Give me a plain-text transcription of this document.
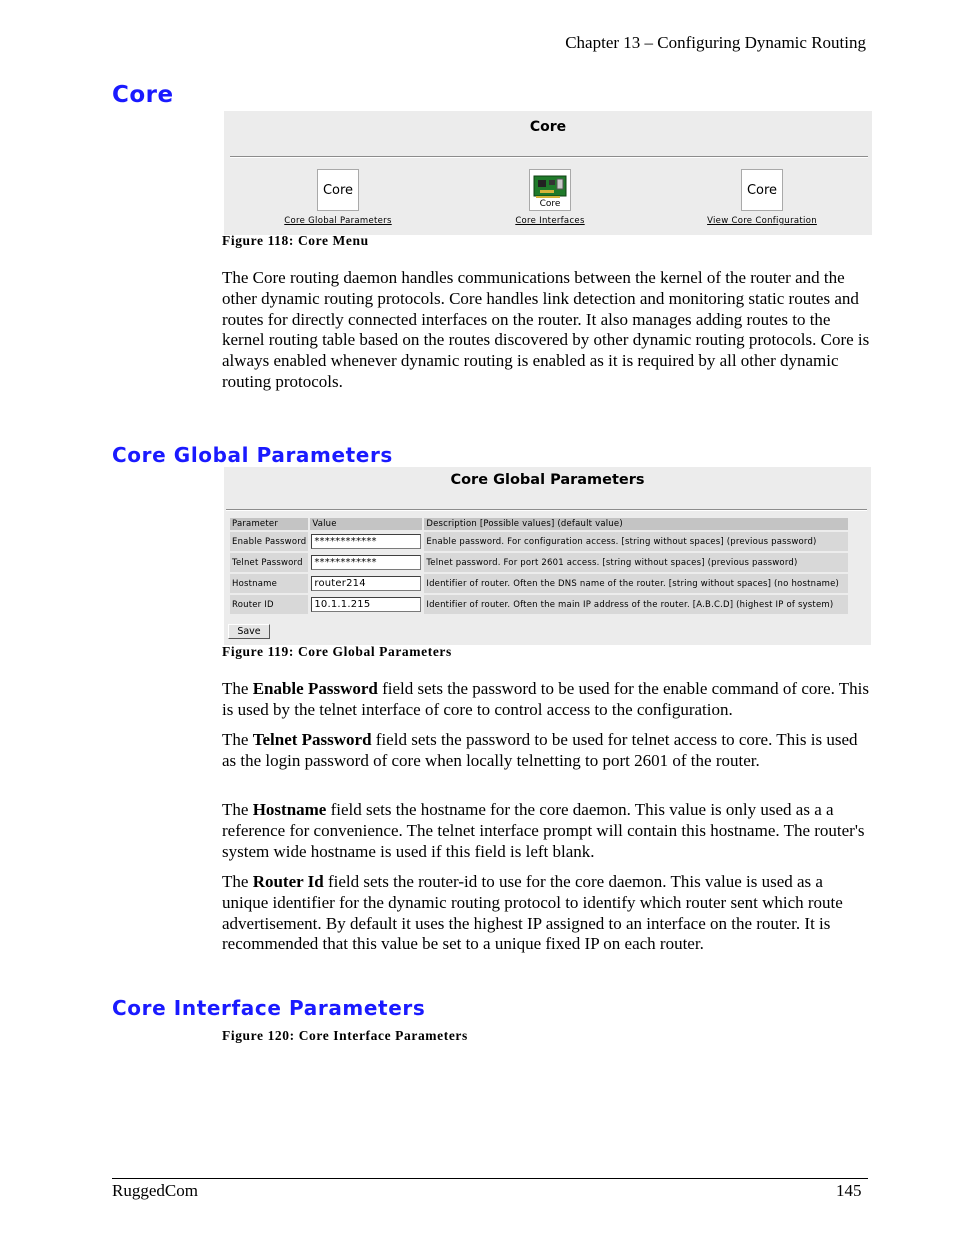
Chapter 13 – Configuring Dynamic Routing
Core
Core
Core
Core Global Parameters
Core
Core Interfaces
Core
View Core Configuration
Figure 118: Core Menu

The Core routing daemon handles communications between the kernel of the router and the other dynamic routing protocols. Core handles link detection and monitoring static routes and routes for directly connected interfaces on the router. It also manages adding routes to the kernel routing table based on the routes discovered by other dynamic routing protocols. Core is always enabled whenever dynamic routing is enabled as it is required by all other dynamic routing protocols.

Core Global Parameters
Core Global Parameters
Parameter	Value	Description [Possible values] (default value)
Enable Password	************	Enable password. For configuration access. [string without spaces] (previous password)
Telnet Password	************	Telnet password. For port 2601 access. [string without spaces] (previous password)
Hostname	router214	Identifier of router. Often the DNS name of the router. [string without spaces] (no hostname)
Router ID	10.1.1.215	Identifier of router. Often the main IP address of the router. [A.B.C.D] (highest IP of system)
Save
Figure 119: Core Global Parameters

The Enable Password field sets the password to be used for the enable command of core. This is used by the telnet interface of core to control access to the configuration.

The Telnet Password field sets the password to be used for telnet access to core. This is used as the login password of core when locally telnetting to port 2601 of the router.

The Hostname field sets the hostname for the core daemon. This value is only used as a a reference for convenience. The telnet interface prompt will contain this hostname. The router's system wide hostname is used if this field is left blank.

The Router Id field sets the router-id to use for the core daemon. This value is used as a unique identifier for the dynamic routing protocol to identify which router sent which route advertisement. By default it uses the highest IP assigned to an interface on the router. It is recommended that this value be set to a unique fixed IP on each router.

Core Interface Parameters
Figure 120: Core Interface Parameters
RuggedCom	145
